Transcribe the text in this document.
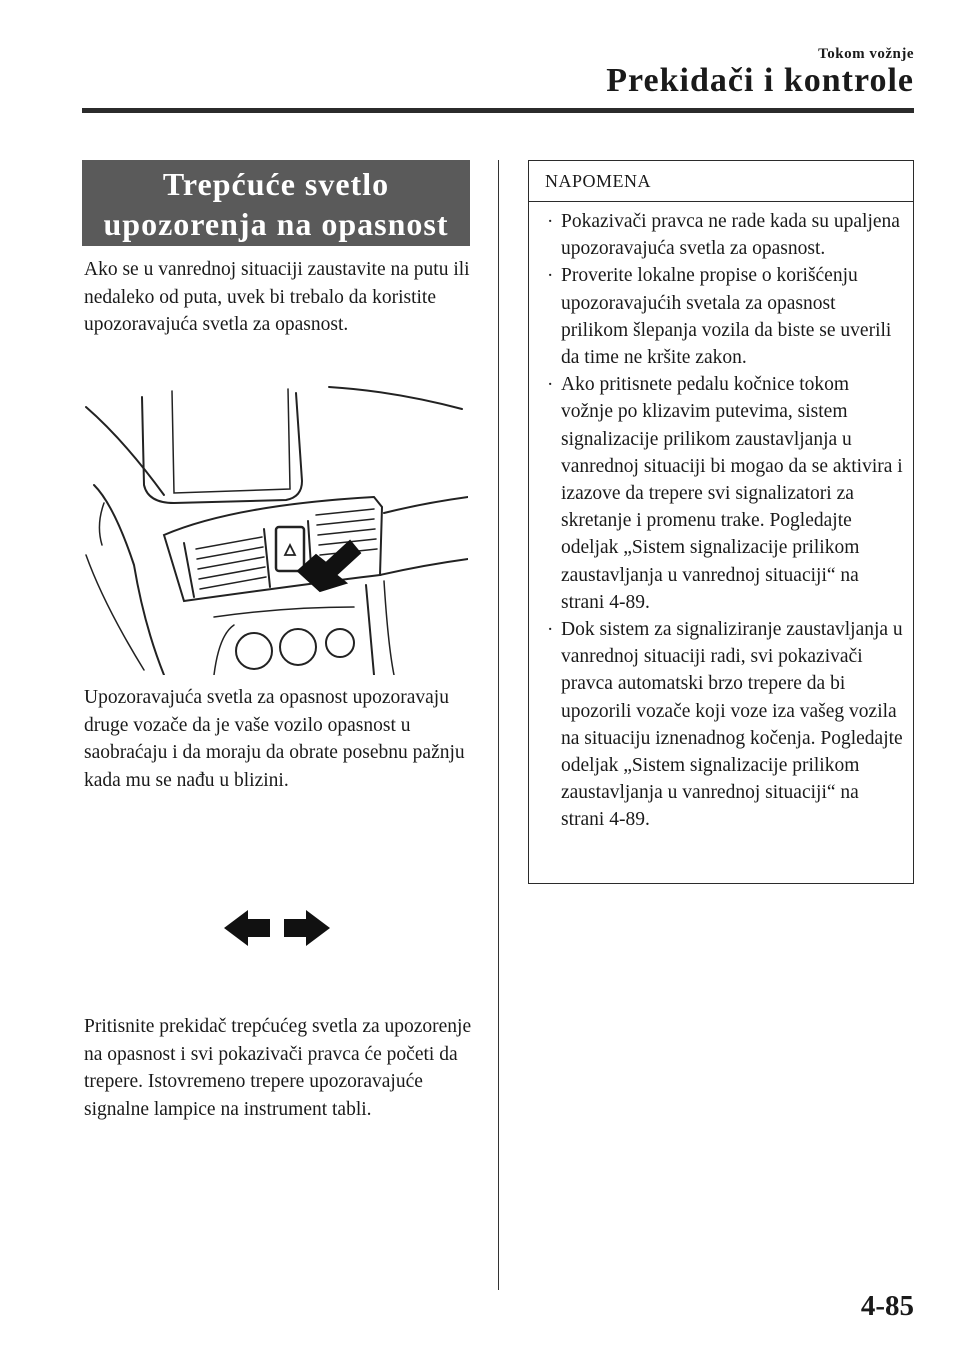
Tokom vožnje
Prekidači i kontrole
Trepćuće svetlo
upozorenja na opasnost

Ako se u vanrednoj situaciji zaustavite na putu ili nedaleko od puta, uvek bi trebalo da koristite upozoravajuća svetla za opasnost.

Upozoravajuća svetla za opasnost upozoravaju druge vozače da je vaše vozilo opasnost u saobraćaju i da moraju da obrate posebnu pažnju kada mu se nađu u blizini.

Pritisnite prekidač trepćućeg svetla za upozorenje na opasnost i svi pokazivači pravca će početi da trepere. Istovremeno trepere upozoravajuće signalne lampice na instrument tabli.

NAPOMENA
· Pokazivači pravca ne rade kada su upaljena upozoravajuća svetla za opasnost.
· Proverite lokalne propise o korišćenju upozoravajućih svetala za opasnost prilikom šlepanja vozila da biste se uverili da time ne kršite zakon.
· Ako pritisnete pedalu kočnice tokom vožnje po klizavim putevima, sistem signalizacije prilikom zaustavljanja u vanrednoj situaciji bi mogao da se aktivira i izazove da trepere svi signalizatori za skretanje i promenu trake. Pogledajte odeljak „Sistem signalizacije prilikom zaustavljanja u vanrednoj situaciji“ na strani 4-89.
· Dok sistem za signaliziranje zaustavljanja u vanrednoj situaciji radi, svi pokazivači pravca automatski brzo trepere da bi upozorili vozače koji voze iza vašeg vozila na situaciju iznenadnog kočenja. Pogledajte odeljak „Sistem signalizacije prilikom zaustavljanja u vanrednoj situaciji“ na strani 4-89.
4-85
